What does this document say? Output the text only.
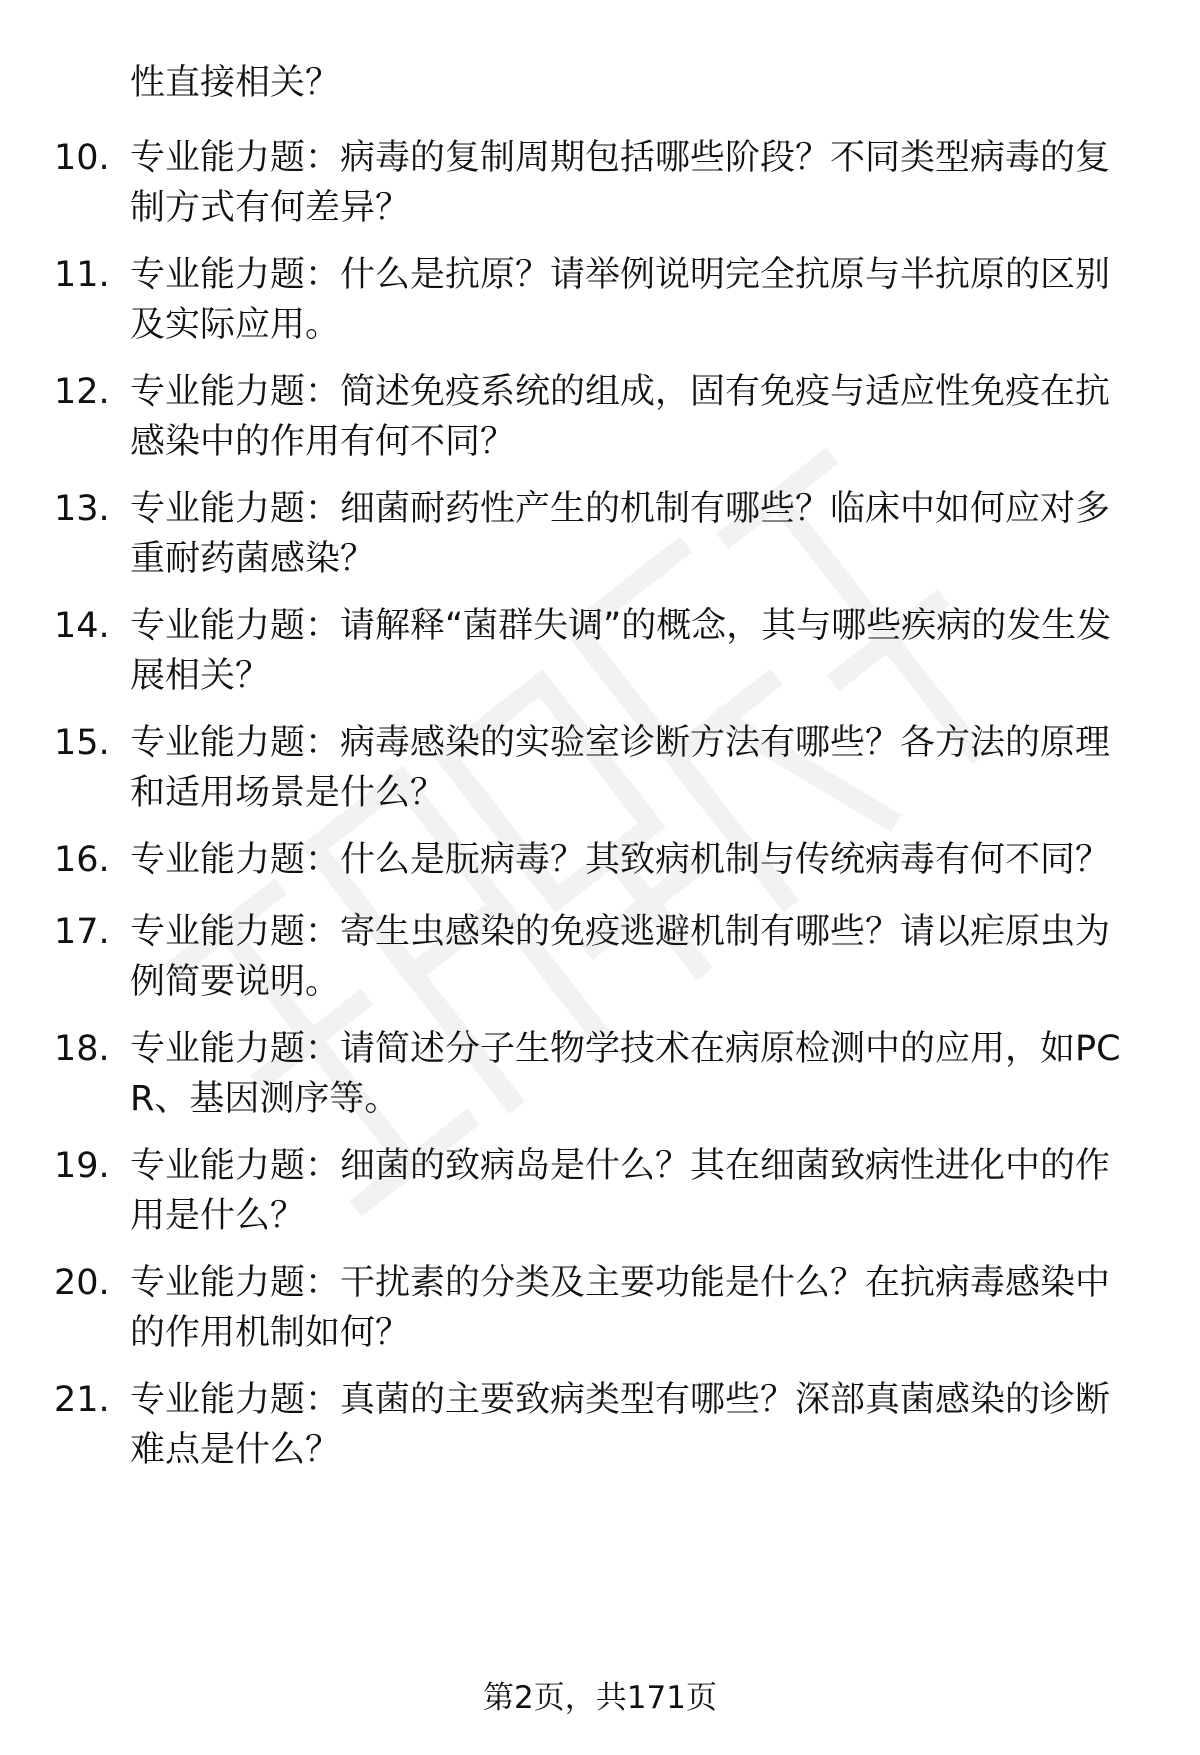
性直接相关？

10. 专业能力题：病毒的复制周期包括哪些阶段？不同类型病毒的复制方式有何差异？

11. 专业能力题：什么是抗原？请举例说明完全抗原与半抗原的区别及实际应用。

12. 专业能力题：简述免疫系统的组成，固有免疫与适应性免疫在抗感染中的作用有何不同？

13. 专业能力题：细菌耐药性产生的机制有哪些？临床中如何应对多重耐药菌感染？

14. 专业能力题：请解释“菌群失调”的概念，其与哪些疾病的发生发展相关？

15. 专业能力题：病毒感染的实验室诊断方法有哪些？各方法的原理和适用场景是什么？

16. 专业能力题：什么是朊病毒？其致病机制与传统病毒有何不同？

17. 专业能力题：寄生虫感染的免疫逃避机制有哪些？请以疟原虫为例简要说明。

18. 专业能力题：请简述分子生物学技术在病原检测中的应用，如PCR、基因测序等。

19. 专业能力题：细菌的致病岛是什么？其在细菌致病性进化中的作用是什么？

20. 专业能力题：干扰素的分类及主要功能是什么？在抗病毒感染中的作用机制如何？

21. 专业能力题：真菌的主要致病类型有哪些？深部真菌感染的诊断难点是什么？

第2页，共171页
